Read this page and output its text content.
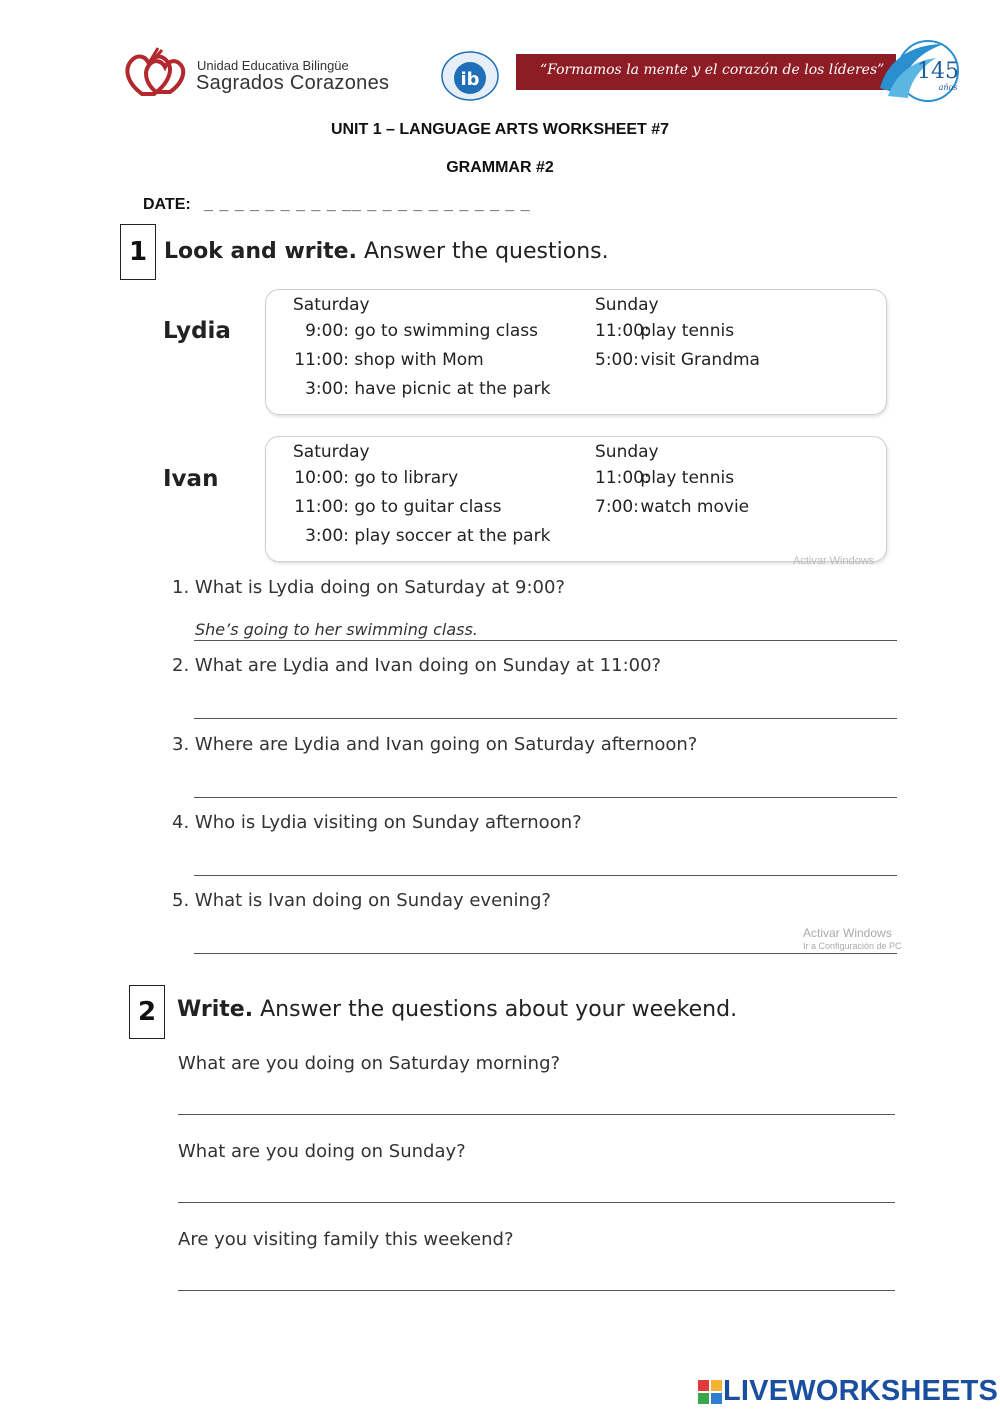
Unidad Educativa Bilingüe
Sagrados Corazones	ib	“Formamos la mente y el corazón de los líderes” 145
años
UNIT 1 – LANGUAGE ARTS WORKSHEET #7
GRAMMAR #2
DATE: _ _ _ _ _ _ _ _ _ __ _ _ _ _ _ _ _ _ _ _ _
1 Look and write. Answer the questions.
Lydia
Saturday
9:00: go to swimming class
11:00: shop with Mom
3:00: have picnic at the park
Sunday
11:00: play tennis
5:00: visit Grandma
Ivan
Saturday
10:00: go to library
11:00: go to guitar class
3:00: play soccer at the park
Sunday
11:00: play tennis
7:00: watch movie
Activar Windows
1. What is Lydia doing on Saturday at 9:00?
She’s going to her swimming class.
2. What are Lydia and Ivan doing on Sunday at 11:00?
3. Where are Lydia and Ivan going on Saturday afternoon?
4. Who is Lydia visiting on Sunday afternoon?
5. What is Ivan doing on Sunday evening?
Activar Windows
Ir a Configuración de PC
2 Write. Answer the questions about your weekend.
What are you doing on Saturday morning?
What are you doing on Sunday?
Are you visiting family this weekend?
LIVEWORKSHEETS
